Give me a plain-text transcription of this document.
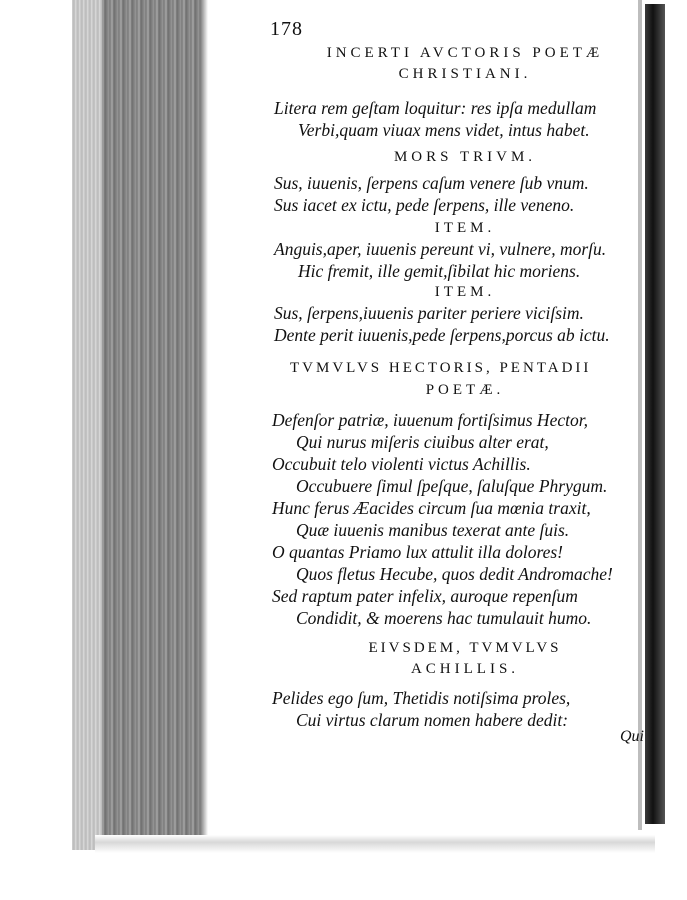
178
INCERTI AVCTORIS POETÆ
CHRISTIANI.
Litera rem geſtam loquitur: res ipſa medullam
Verbi,quam viuax mens videt, intus habet.
MORS TRIVM.
Sus, iuuenis, ſerpens caſum venere ſub vnum.
Sus iacet ex ictu, pede ſerpens, ille veneno.
ITEM.
Anguis,aper, iuuenis pereunt vi, vulnere, morſu.
Hic fremit, ille gemit,ſibilat hic moriens.
ITEM.
Sus, ſerpens,iuuenis pariter periere viciſsim.
Dente perit iuuenis,pede ſerpens,porcus ab ictu.
TVMVLVS HECTORIS, PENTADII
POETÆ.
Defenſor patriæ, iuuenum fortiſsimus Hector,
Qui nurus miſeris ciuibus alter erat,
Occubuit telo violenti victus Achillis.
Occubuere ſimul ſpeſque, ſaluſque Phrygum.
Hunc ferus Æacides circum ſua mœnia traxit,
Quæ iuuenis manibus texerat ante ſuis.
O quantas Priamo lux attulit illa dolores!
Quos fletus Hecube, quos dedit Andromache!
Sed raptum pater infelix, auroque repenſum
Condidit, & moerens hac tumulauit humo.
EIVSDEM, TVMVLVS
ACHILLIS.
Pelides ego ſum, Thetidis notiſsima proles,
Cui virtus clarum nomen habere dedit:
Qui
